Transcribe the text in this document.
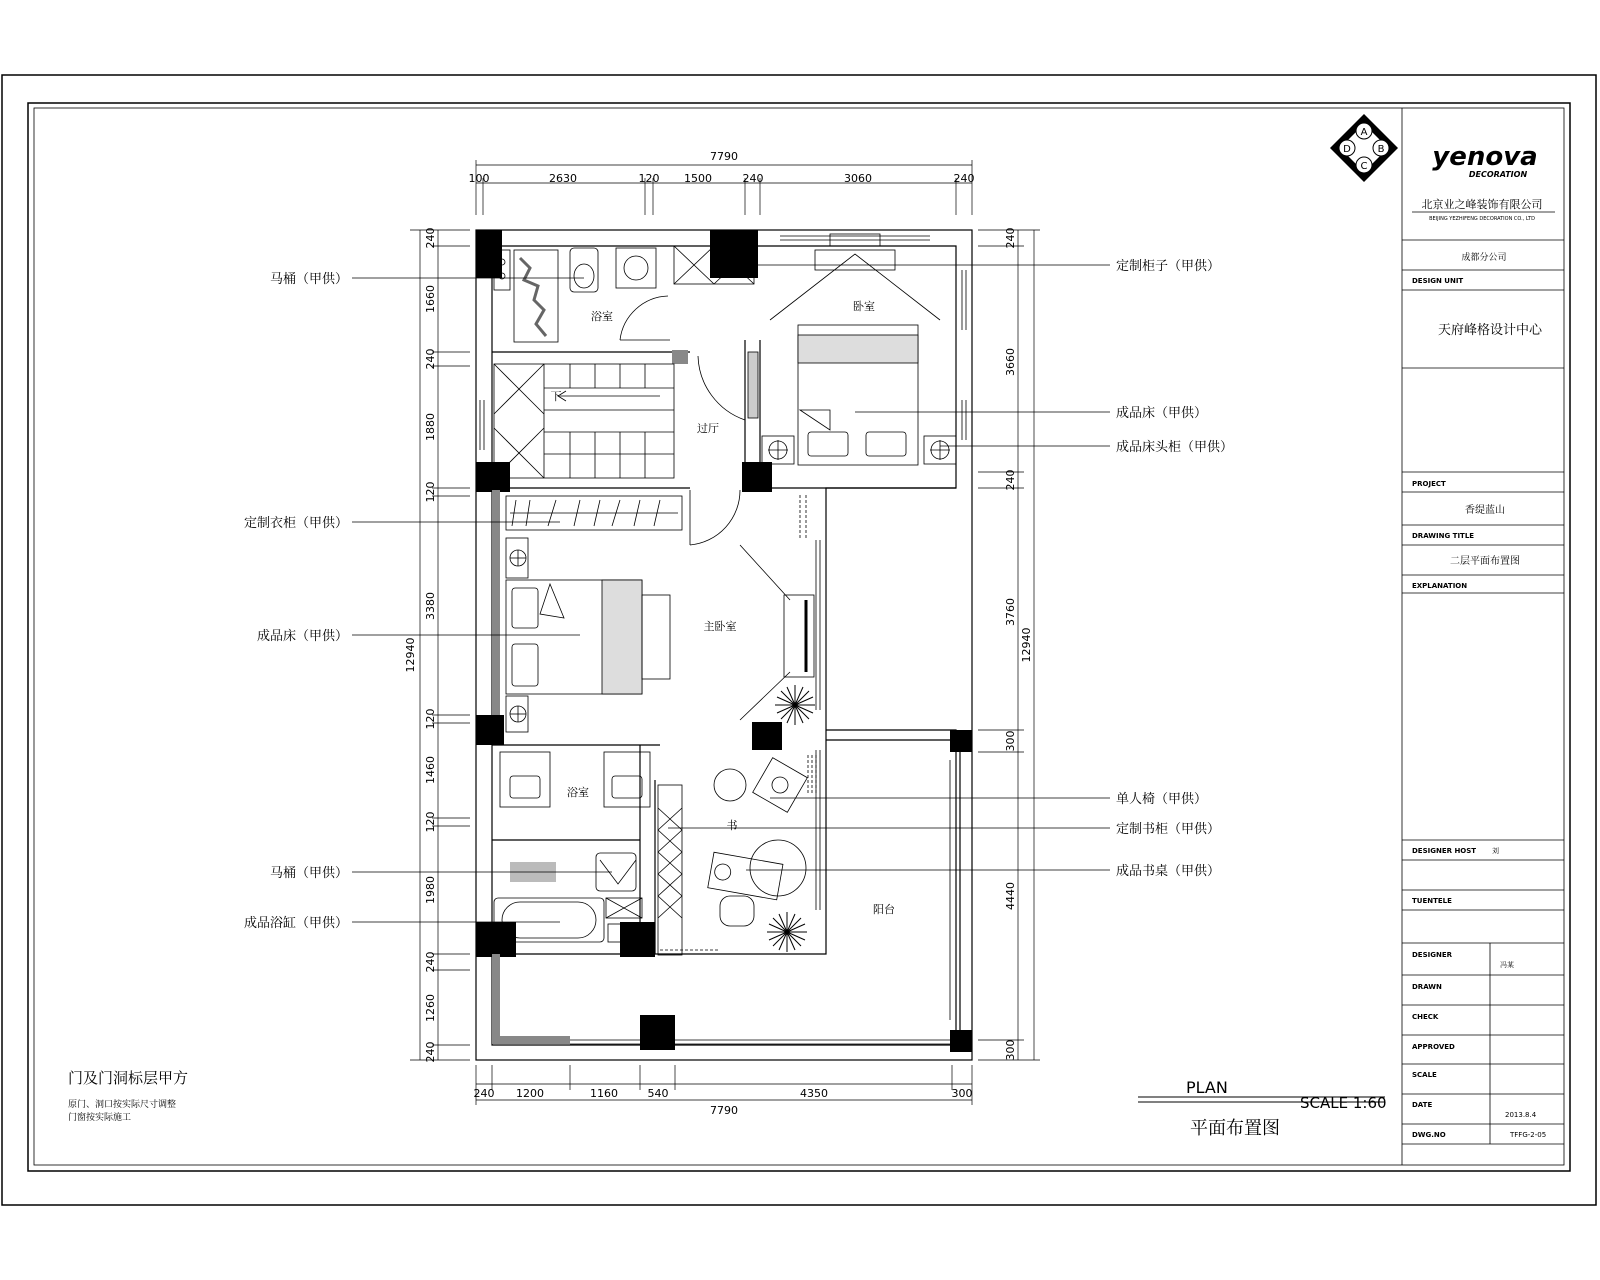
A
B
C
D	yenova
DECORATION
北京业之峰装饰有限公司
BEIJING YEZHIFENG DECORATION CO., LTD
成都分公司
DESIGN UNIT
天府峰格设计中心
PROJECT
香缇蓝山
DRAWING TITLE
二层平面布置图
EXPLANATION
DESIGNER HOST 刘
TUENTELE
DESIGNER
冯某
DRAWN
CHECK
APPROVED
SCALE
DATE
2013.8.4
DWG.NO	TFFG-2-05
7790
100	2630	120 1500	240	3060	240
240 1200	1160	540	4350	300
7790
240
1660
240
1880
120
3380
120
1460
120
1980
240
1260
240
12940
240
3660
240
3760
300
4440
300
12940
马桶（甲供）
定制衣柜（甲供）
成品床（甲供）
马桶（甲供）
成品浴缸（甲供）
定制柜子（甲供）
成品床（甲供）
成品床头柜（甲供）
单人椅（甲供）
定制书柜（甲供）
成品书桌（甲供）
浴室
卧室
过厅
主卧室
浴室
书
阳台
下
门及门洞标层甲方
原门、洞口按实际尺寸调整
门窗按实际施工
PLAN
SCALE 1:60
平面布置图
